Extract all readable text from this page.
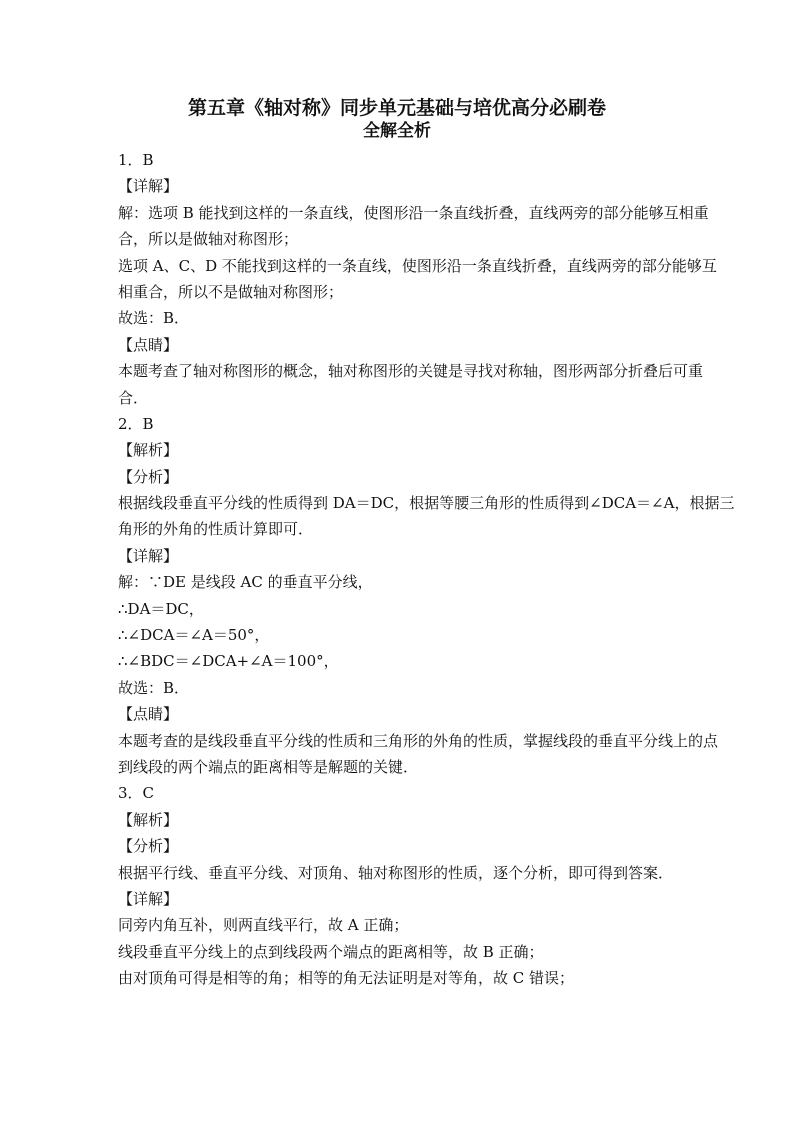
第五章《轴对称》同步单元基础与培优高分必刷卷
全解全析
1．B
【详解】
解：选项 B 能找到这样的一条直线，使图形沿一条直线折叠，直线两旁的部分能够互相重
合，所以是做轴对称图形；
选项 A、C、D 不能找到这样的一条直线，使图形沿一条直线折叠，直线两旁的部分能够互
相重合，所以不是做轴对称图形；
故选：B．
【点睛】
本题考查了轴对称图形的概念，轴对称图形的关键是寻找对称轴，图形两部分折叠后可重
合．
2．B
【解析】
【分析】
根据线段垂直平分线的性质得到 DA＝DC，根据等腰三角形的性质得到∠DCA＝∠A，根据三
角形的外角的性质计算即可．
【详解】
解：∵DE 是线段 AC 的垂直平分线，
∴DA＝DC，
∴∠DCA＝∠A＝50°，
∴∠BDC＝∠DCA+∠A＝100°，
故选：B．
【点睛】
本题考查的是线段垂直平分线的性质和三角形的外角的性质，掌握线段的垂直平分线上的点
到线段的两个端点的距离相等是解题的关键．
3．C
【解析】
【分析】
根据平行线、垂直平分线、对顶角、轴对称图形的性质，逐个分析，即可得到答案．
【详解】
同旁内角互补，则两直线平行，故 A 正确；
线段垂直平分线上的点到线段两个端点的距离相等，故 B 正确；
由对顶角可得是相等的角；相等的角无法证明是对等角，故 C 错误；
